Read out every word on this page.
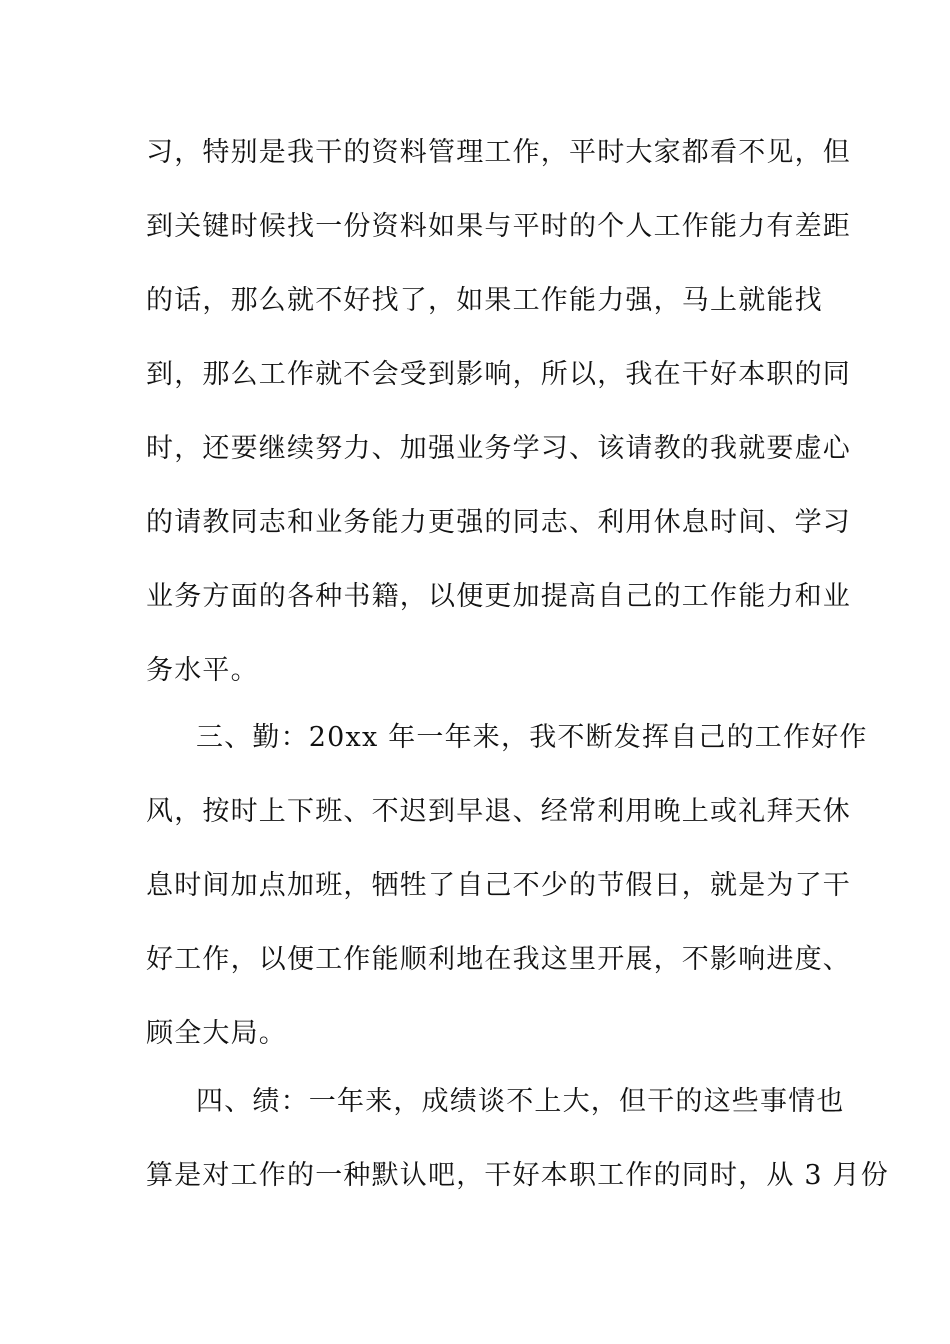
习，特别是我干的资料管理工作，平时大家都看不见，但
到关键时候找一份资料如果与平时的个人工作能力有差距
的话，那么就不好找了，如果工作能力强，马上就能找
到，那么工作就不会受到影响，所以，我在干好本职的同
时，还要继续努力、加强业务学习、该请教的我就要虚心
的请教同志和业务能力更强的同志、利用休息时间、学习
业务方面的各种书籍，以便更加提高自己的工作能力和业
务水平。
三、勤：20xx 年一年来，我不断发挥自己的工作好作
风，按时上下班、不迟到早退、经常利用晚上或礼拜天休
息时间加点加班，牺牲了自己不少的节假日，就是为了干
好工作，以便工作能顺利地在我这里开展，不影响进度、
顾全大局。
四、绩：一年来，成绩谈不上大，但干的这些事情也
算是对工作的一种默认吧，干好本职工作的同时，从 3 月份
